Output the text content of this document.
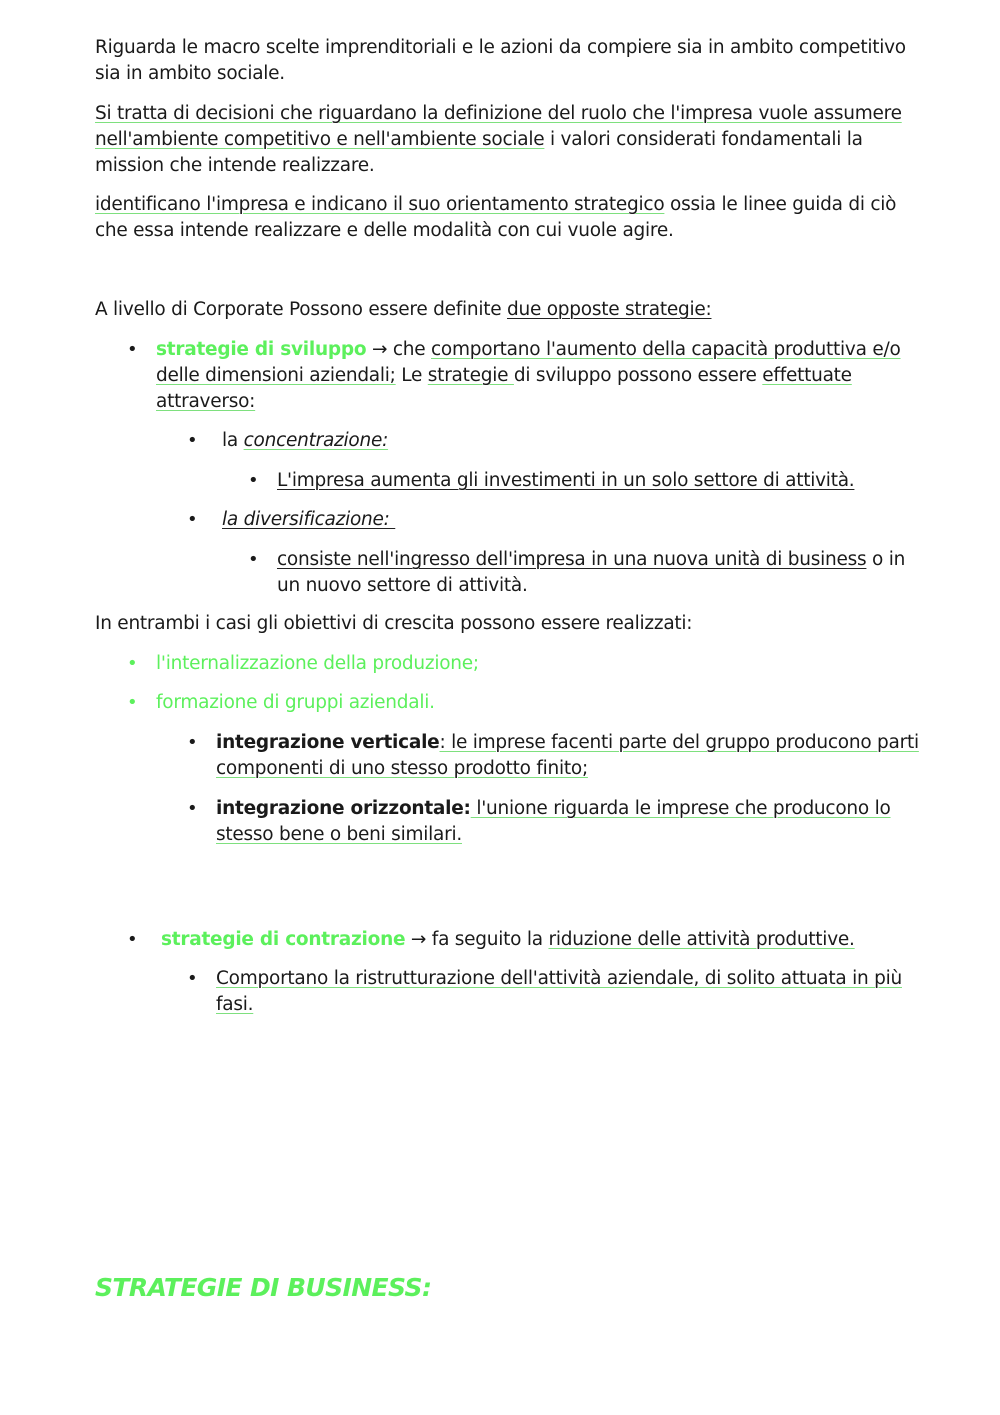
Riguarda le macro scelte imprenditoriali e le azioni da compiere sia in ambito competitivo sia in ambito sociale.

Si tratta di decisioni che riguardano la definizione del ruolo che l'impresa vuole assumere nell'ambiente competitivo e nell'ambiente sociale i valori considerati fondamentali la mission che intende realizzare.

identificano l'impresa e indicano il suo orientamento strategico ossia le linee guida di ciò che essa intende realizzare e delle modalità con cui vuole agire.

A livello di Corporate Possono essere definite due opposte strategie:

• strategie di sviluppo → che comportano l'aumento della capacità produttiva e/o delle dimensioni aziendali; Le strategie di sviluppo possono essere effettuate attraverso:

• la concentrazione:

• L'impresa aumenta gli investimenti in un solo settore di attività.

• la diversificazione:

• consiste nell'ingresso dell'impresa in una nuova unità di business o in un nuovo settore di attività.

In entrambi i casi gli obiettivi di crescita possono essere realizzati:

• l'internalizzazione della produzione;

• formazione di gruppi aziendali.

• integrazione verticale: le imprese facenti parte del gruppo producono parti componenti di uno stesso prodotto finito;

• integrazione orizzontale: l'unione riguarda le imprese che producono lo stesso bene o beni similari.

• strategie di contrazione → fa seguito la riduzione delle attività produttive.

• Comportano la ristrutturazione dell'attività aziendale, di solito attuata in più fasi.

STRATEGIE DI BUSINESS:
